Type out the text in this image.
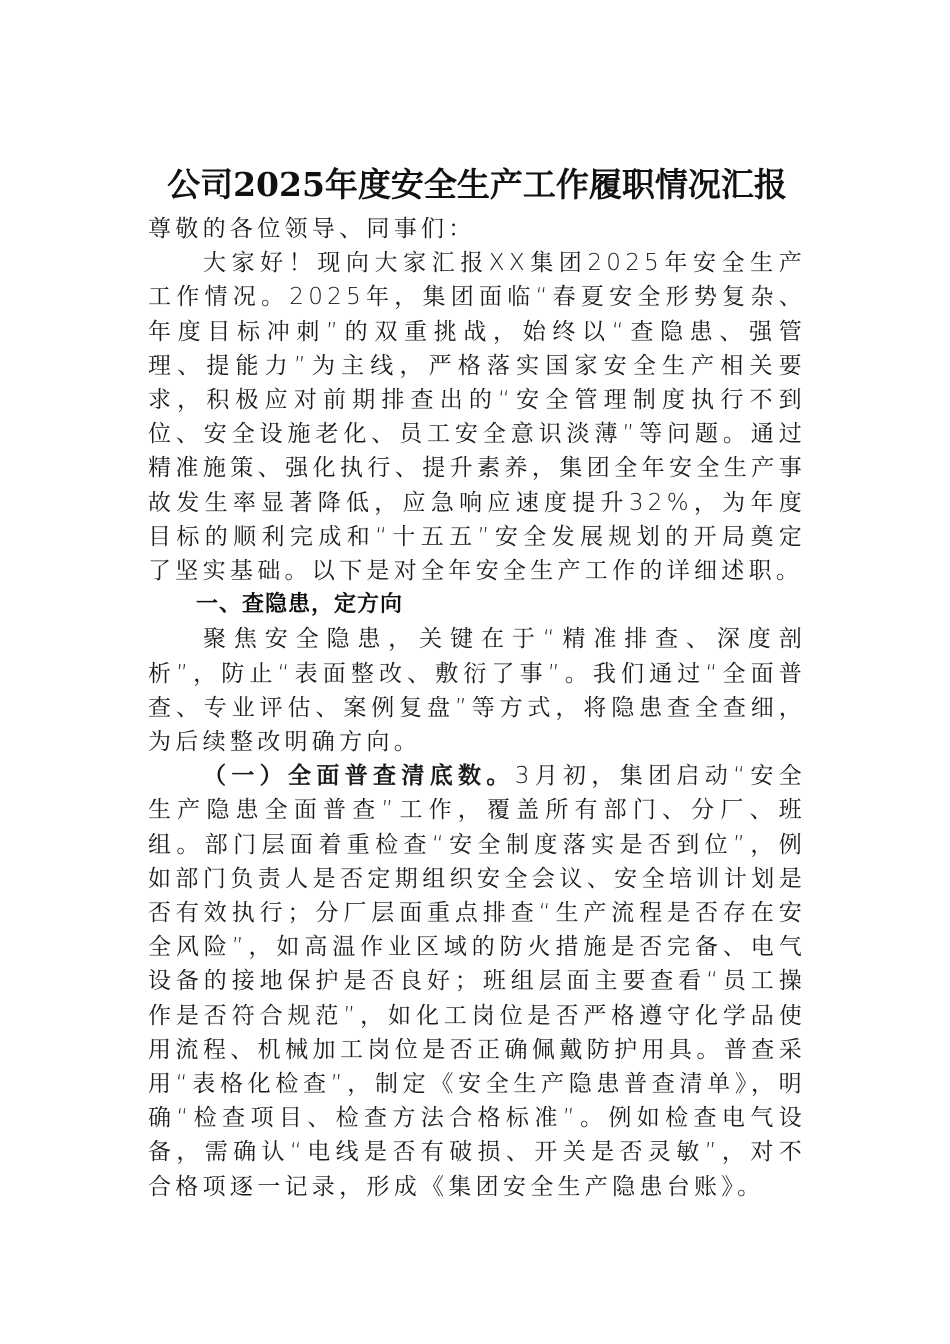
公司2025年度安全生产工作履职情况汇报

尊敬的各位领导、同事们：

大家好！现向大家汇报XX集团2025年安全生产工作情况。2025年，集团面临“春夏安全形势复杂、年度目标冲刺”的双重挑战，始终以“查隐患、强管理、提能力”为主线，严格落实国家安全生产相关要求，积极应对前期排查出的“安全管理制度执行不到位、安全设施老化、员工安全意识淡薄”等问题。通过精准施策、强化执行、提升素养，集团全年安全生产事故发生率显著降低，应急响应速度提升32%，为年度目标的顺利完成和“十五五”安全发展规划的开局奠定了坚实基础。以下是对全年安全生产工作的详细述职。

一、查隐患，定方向

聚焦安全隐患，关键在于“精准排查、深度剖析”，防止“表面整改、敷衍了事”。我们通过“全面普查、专业评估、案例复盘”等方式，将隐患查全查细，为后续整改明确方向。

（一）全面普查清底数。3月初，集团启动“安全生产隐患全面普查”工作，覆盖所有部门、分厂、班组。部门层面着重检查“安全制度落实是否到位”，例如部门负责人是否定期组织安全会议、安全培训计划是否有效执行；分厂层面重点排查“生产流程是否存在安全风险”，如高温作业区域的防火措施是否完备、电气设备的接地保护是否良好；班组层面主要查看“员工操作是否符合规范”，如化工岗位是否严格遵守化学品使用流程、机械加工岗位是否正确佩戴防护用具。普查采用“表格化检查”，制定《安全生产隐患普查清单》，明确“检查项目、检查方法合格标准”。例如检查电气设备，需确认“电线是否有破损、开关是否灵敏”，对不合格项逐一记录，形成《集团安全生产隐患台账》。
